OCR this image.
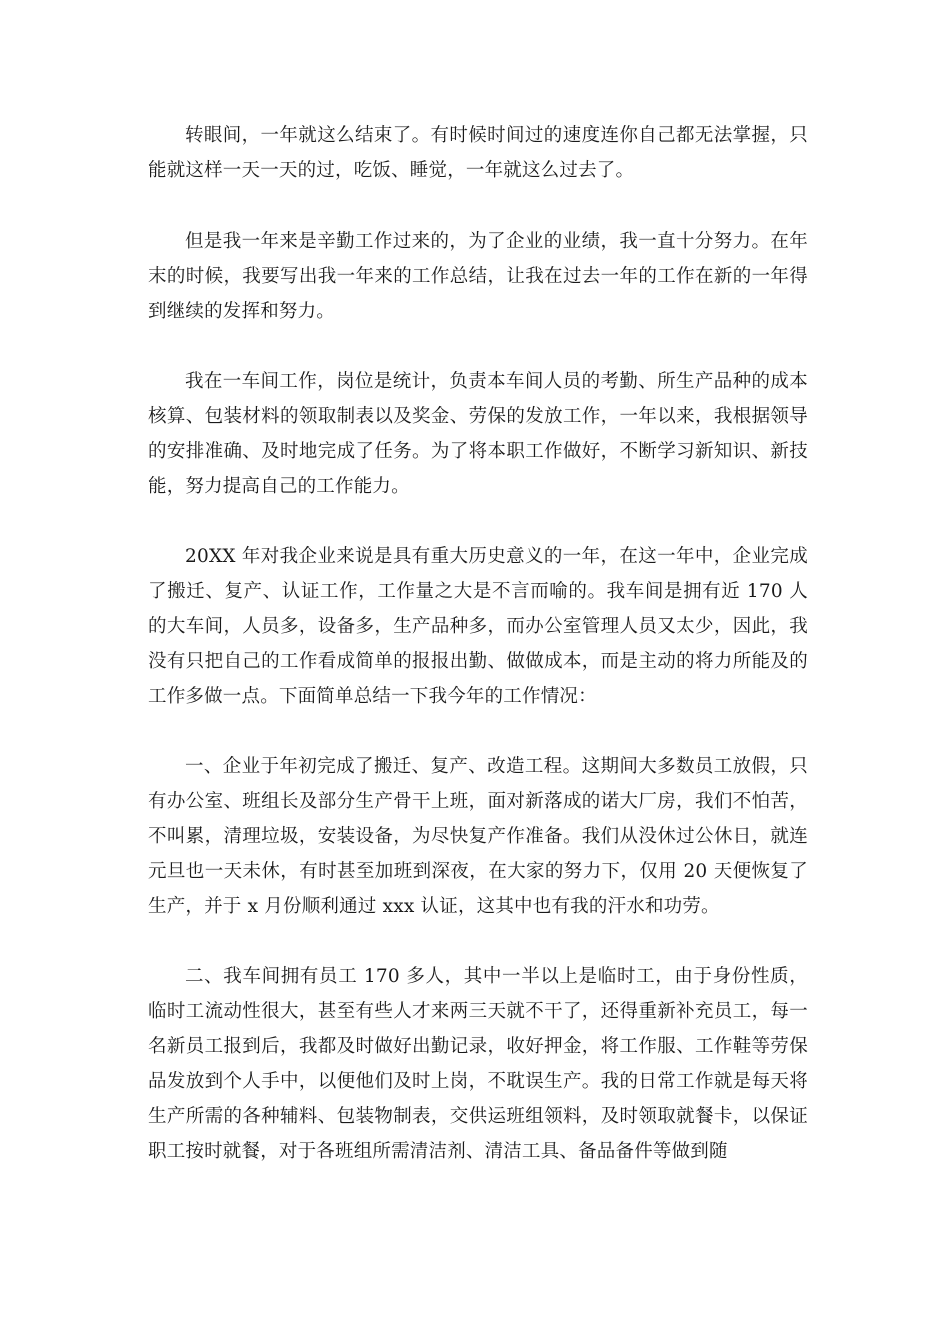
转眼间，一年就这么结束了。有时候时间过的速度连你自己都无法掌握，只能就这样一天一天的过，吃饭、睡觉，一年就这么过去了。

但是我一年来是辛勤工作过来的，为了企业的业绩，我一直十分努力。在年末的时候，我要写出我一年来的工作总结，让我在过去一年的工作在新的一年得到继续的发挥和努力。

我在一车间工作，岗位是统计，负责本车间人员的考勤、所生产品种的成本核算、包装材料的领取制表以及奖金、劳保的发放工作，一年以来，我根据领导的安排准确、及时地完成了任务。为了将本职工作做好，不断学习新知识、新技能，努力提高自己的工作能力。

20XX 年对我企业来说是具有重大历史意义的一年，在这一年中，企业完成了搬迁、复产、认证工作，工作量之大是不言而喻的。我车间是拥有近 170 人的大车间，人员多，设备多，生产品种多，而办公室管理人员又太少，因此，我没有只把自己的工作看成简单的报报出勤、做做成本，而是主动的将力所能及的工作多做一点。下面简单总结一下我今年的工作情况：

一、企业于年初完成了搬迁、复产、改造工程。这期间大多数员工放假，只有办公室、班组长及部分生产骨干上班，面对新落成的诺大厂房，我们不怕苦，不叫累，清理垃圾，安装设备，为尽快复产作准备。我们从没休过公休日，就连元旦也一天未休，有时甚至加班到深夜，在大家的努力下，仅用 20 天便恢复了生产，并于 x 月份顺利通过 xxx 认证，这其中也有我的汗水和功劳。

二、我车间拥有员工 170 多人，其中一半以上是临时工，由于身份性质，临时工流动性很大，甚至有些人才来两三天就不干了，还得重新补充员工，每一名新员工报到后，我都及时做好出勤记录，收好押金，将工作服、工作鞋等劳保品发放到个人手中，以便他们及时上岗，不耽误生产。我的日常工作就是每天将生产所需的各种辅料、包装物制表，交供运班组领料，及时领取就餐卡，以保证职工按时就餐，对于各班组所需清洁剂、清洁工具、备品备件等做到随
